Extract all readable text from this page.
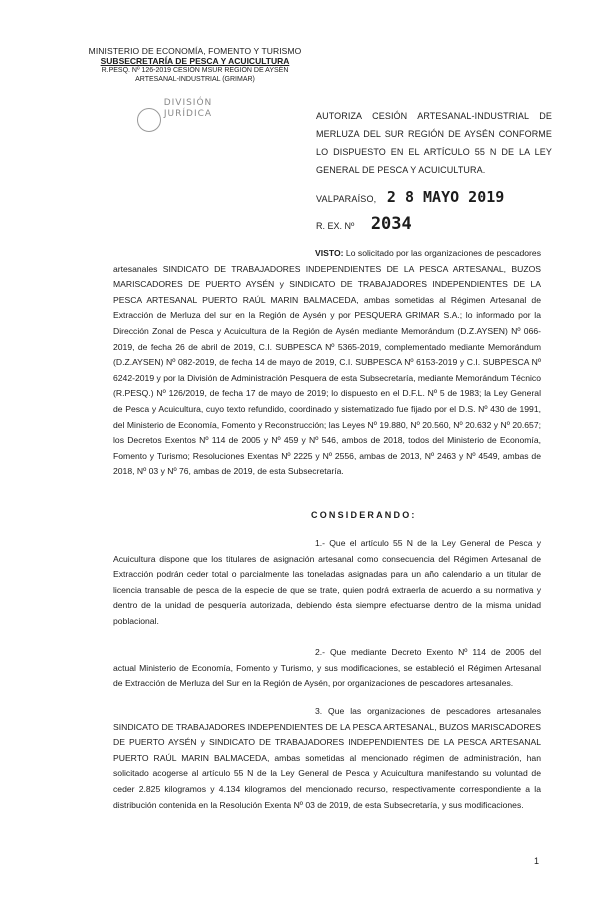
MINISTERIO DE ECONOMÍA, FOMENTO Y TURISMO
SUBSECRETARÍA DE PESCA Y ACUICULTURA
R.PESQ. Nº 126-2019 CESIÓN MSUR REGIÓN DE AYSÉN
ARTESANAL-INDUSTRIAL (GRIMAR)
DIVISIÓN
JURÍDICA	AUTORIZA CESIÓN ARTESANAL-INDUSTRIAL DE MERLUZA DEL SUR REGIÓN DE AYSÉN CONFORME LO DISPUESTO EN EL ARTÍCULO 55 N DE LA LEY GENERAL DE PESCA Y ACUICULTURA.
VALPARAÍSO, 2 8 MAYO 2019
R. EX. Nº 2034
VISTO: Lo solicitado por las organizaciones de pescadores artesanales SINDICATO DE TRABAJADORES INDEPENDIENTES DE LA PESCA ARTESANAL, BUZOS MARISCADORES DE PUERTO AYSÉN y SINDICATO DE TRABAJADORES INDEPENDIENTES DE LA PESCA ARTESANAL PUERTO RAÚL MARIN BALMACEDA, ambas sometidas al Régimen Artesanal de Extracción de Merluza del sur en la Región de Aysén y por PESQUERA GRIMAR S.A.; lo informado por la Dirección Zonal de Pesca y Acuicultura de la Región de Aysén mediante Memorándum (D.Z.AYSEN) Nº 066-2019, de fecha 26 de abril de 2019, C.I. SUBPESCA Nº 5365-2019, complementado mediante Memorándum (D.Z.AYSEN) Nº 082-2019, de fecha 14 de mayo de 2019, C.I. SUBPESCA Nº 6153-2019 y C.I. SUBPESCA Nº 6242-2019 y por la División de Administración Pesquera de esta Subsecretaría, mediante Memorándum Técnico (R.PESQ.) Nº 126/2019, de fecha 17 de mayo de 2019; lo dispuesto en el D.F.L. Nº 5 de 1983; la Ley General de Pesca y Acuicultura, cuyo texto refundido, coordinado y sistematizado fue fijado por el D.S. Nº 430 de 1991, del Ministerio de Economía, Fomento y Reconstrucción; las Leyes Nº 19.880, Nº 20.560, Nº 20.632 y Nº 20.657; los Decretos Exentos Nº 114 de 2005 y Nº 459 y Nº 546, ambos de 2018, todos del Ministerio de Economía, Fomento y Turismo; Resoluciones Exentas Nº 2225 y Nº 2556, ambas de 2013, Nº 2463 y Nº 4549, ambas de 2018, Nº 03 y Nº 76, ambas de 2019, de esta Subsecretaría.
CONSIDERANDO:
1.- Que el artículo 55 N de la Ley General de Pesca y Acuicultura dispone que los titulares de asignación artesanal como consecuencia del Régimen Artesanal de Extracción podrán ceder total o parcialmente las toneladas asignadas para un año calendario a un titular de licencia transable de pesca de la especie de que se trate, quien podrá extraerla de acuerdo a su normativa y dentro de la unidad de pesquería autorizada, debiendo ésta siempre efectuarse dentro de la misma unidad poblacional.
2.- Que mediante Decreto Exento Nº 114 de 2005 del actual Ministerio de Economía, Fomento y Turismo, y sus modificaciones, se estableció el Régimen Artesanal de Extracción de Merluza del Sur en la Región de Aysén, por organizaciones de pescadores artesanales.
3. Que las organizaciones de pescadores artesanales SINDICATO DE TRABAJADORES INDEPENDIENTES DE LA PESCA ARTESANAL, BUZOS MARISCADORES DE PUERTO AYSÉN y SINDICATO DE TRABAJADORES INDEPENDIENTES DE LA PESCA ARTESANAL PUERTO RAÚL MARIN BALMACEDA, ambas sometidas al mencionado régimen de administración, han solicitado acogerse al artículo 55 N de la Ley General de Pesca y Acuicultura manifestando su voluntad de ceder 2.825 kilogramos y 4.134 kilogramos del mencionado recurso, respectivamente correspondiente a la distribución contenida en la Resolución Exenta Nº 03 de 2019, de esta Subsecretaría, y sus modificaciones.
1
